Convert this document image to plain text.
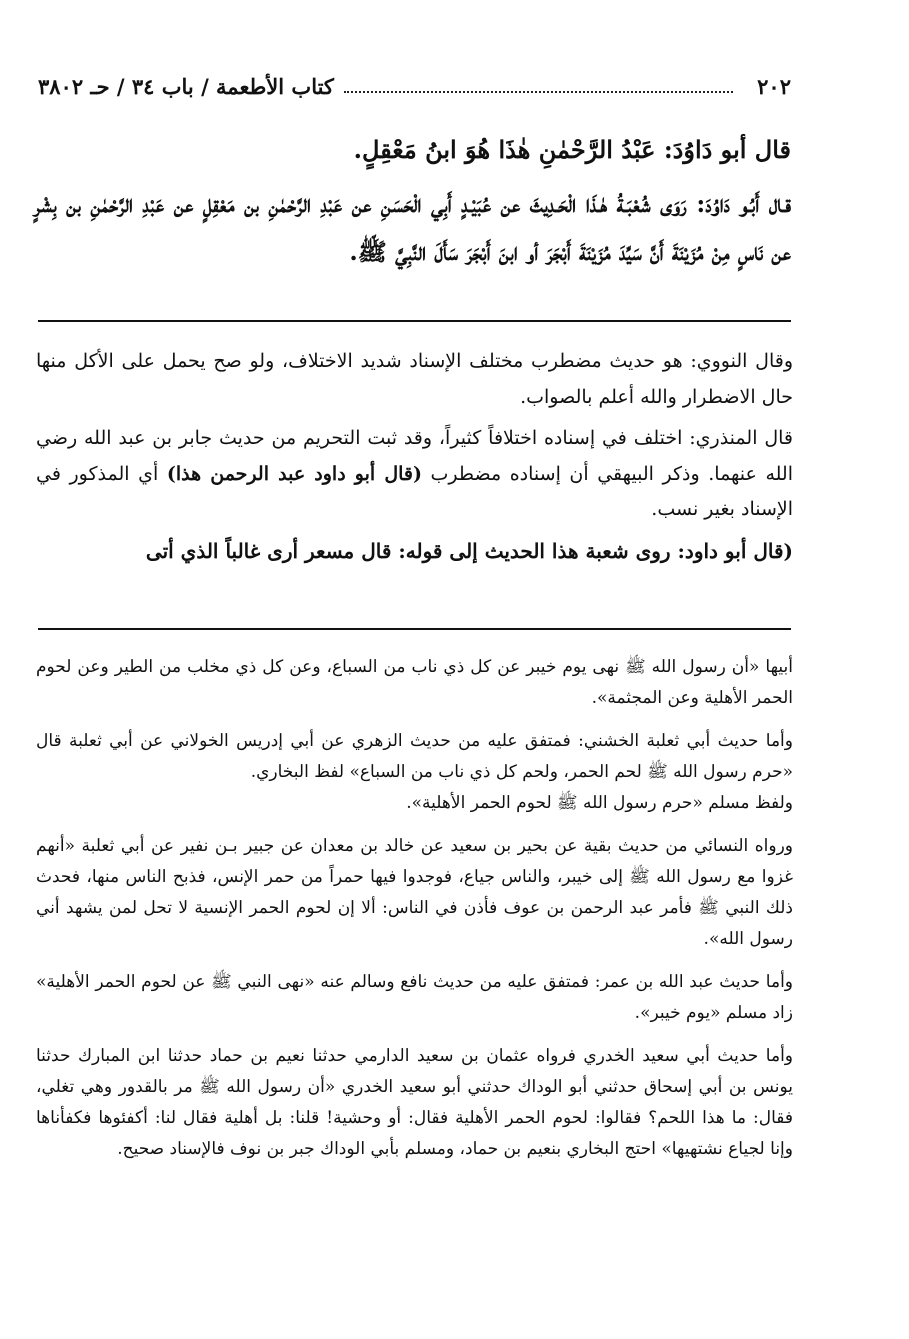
٢٠٢
كتاب الأطعمة / باب ٣٤ / حـ ٣٨٠٢

قال أبو دَاوُدَ: عَبْدُ الرَّحْمٰنِ هٰذَا هُوَ ابنُ مَعْقِلٍ.

قـال أَبُـو دَاوُدَ: رَوَى شُعْبَـةُ هٰـذَا الْحَـدِيثَ عن عُبَيْـدٍ أَبِي الْحَسَنِ عن عَبْدِ الرَّحْمٰنِ بن مَعْقِلٍ عن عَبْدِ الرَّحْمٰنِ بن بِشْرٍ عن نَاسٍ مِنْ مُزَيْنَةَ أَنَّ سَيِّدَ مُزَيْنَةَ أَبْجَرَ أو ابنَ أَبْجَرَ سَأَلَ النَّبِيَّ ﷺ.

وقال النووي: هو حديث مضطرب مختلف الإسناد شديد الاختلاف، ولو صح يحمل على الأكل منها حال الاضطرار والله أعلم بالصواب.

قال المنذري: اختلف في إسناده اختلافاً كثيراً، وقد ثبت التحريم من حديث جابر بن عبد الله رضي الله عنهما. وذكر البيهقي أن إسناده مضطرب (قال أبو داود عبد الرحمن هذا) أي المذكور في الإسناد بغير نسب.

(قال أبو داود: روى شعبة هذا الحديث إلى قوله: قال مسعر أرى غالباً الذي أتى

أبيها «أن رسول الله ﷺ نهى يوم خيبر عن كل ذي ناب من السباع، وعن كل ذي مخلب من الطير وعن لحوم الحمر الأهلية وعن المجثمة».

وأما حديث أبي ثعلبة الخشني: فمتفق عليه من حديث الزهري عن أبي إدريس الخولاني عن أبي ثعلبة قال «حرم رسول الله ﷺ لحم الحمر، ولحم كل ذي ناب من السباع» لفظ البخاري.

ولفظ مسلم «حرم رسول الله ﷺ لحوم الحمر الأهلية».

ورواه النسائي من حديث بقية عن بحير بن سعيد عن خالد بن معدان عن جبير بـن نفير عن أبي ثعلبة «أنهم غزوا مع رسول الله ﷺ إلى خيبر، والناس جياع، فوجدوا فيها حمراً من حمر الإنس، فذبح الناس منها، فحدث ذلك النبي ﷺ فأمر عبد الرحمن بن عوف فأذن في الناس: ألا إن لحوم الحمر الإنسية لا تحل لمن يشهد أني رسول الله».

وأما حديث عبد الله بن عمر: فمتفق عليه من حديث نافع وسالم عنه «نهى النبي ﷺ عن لحوم الحمر الأهلية» زاد مسلم «يوم خيبر».

وأما حديث أبي سعيد الخدري فرواه عثمان بن سعيد الدارمي حدثنا نعيم بن حماد حدثنا ابن المبارك حدثنا يونس بن أبي إسحاق حدثني أبو الوداك حدثني أبو سعيد الخدري «أن رسول الله ﷺ مر بالقدور وهي تغلي، فقال: ما هذا اللحم؟ فقالوا: لحوم الحمر الأهلية فقال: أو وحشية! قلنا: بل أهلية فقال لنا: أكفئوها فكفأناها وإنا لجياع نشتهيها» احتج البخاري بنعيم بن حماد، ومسلم بأبي الوداك جبر بن نوف فالإسناد صحيح.
